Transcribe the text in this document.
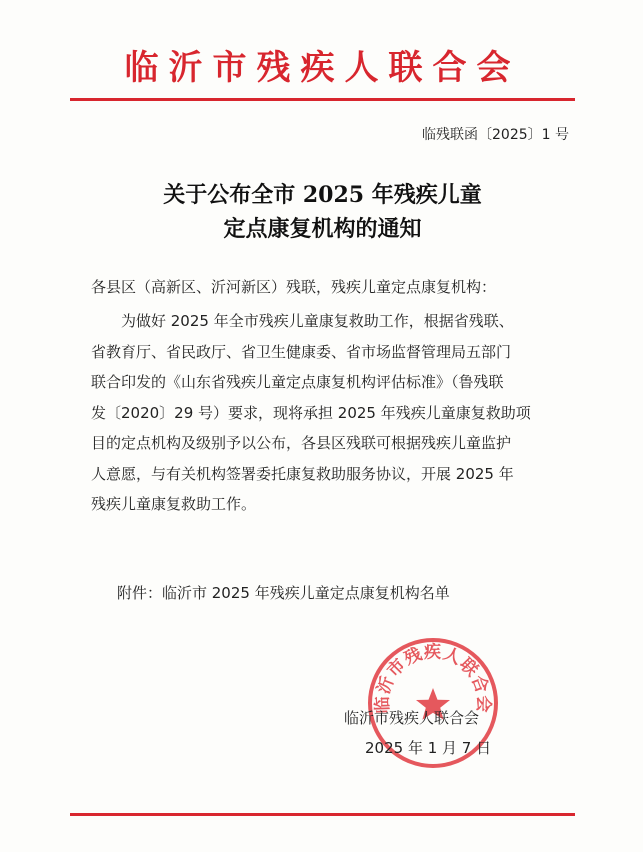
临沂市残疾人联合会
临残联函〔2025〕1 号
关于公布全市 2025 年残疾儿童
定点康复机构的通知
各县区（高新区、沂河新区）残联，残疾儿童定点康复机构：
　　为做好 2025 年全市残疾儿童康复救助工作，根据省残联、
省教育厅、省民政厅、省卫生健康委、省市场监督管理局五部门
联合印发的《山东省残疾儿童定点康复机构评估标准》（鲁残联
发〔2020〕29 号）要求，现将承担 2025 年残疾儿童康复救助项
目的定点机构及级别予以公布，各县区残联可根据残疾儿童监护
人意愿，与有关机构签署委托康复救助服务协议，开展 2025 年
残疾儿童康复救助工作。
附件：临沂市 2025 年残疾儿童定点康复机构名单
临沂市残疾人联合会
临沂市残疾人联合会
2025 年 1 月 7 日
